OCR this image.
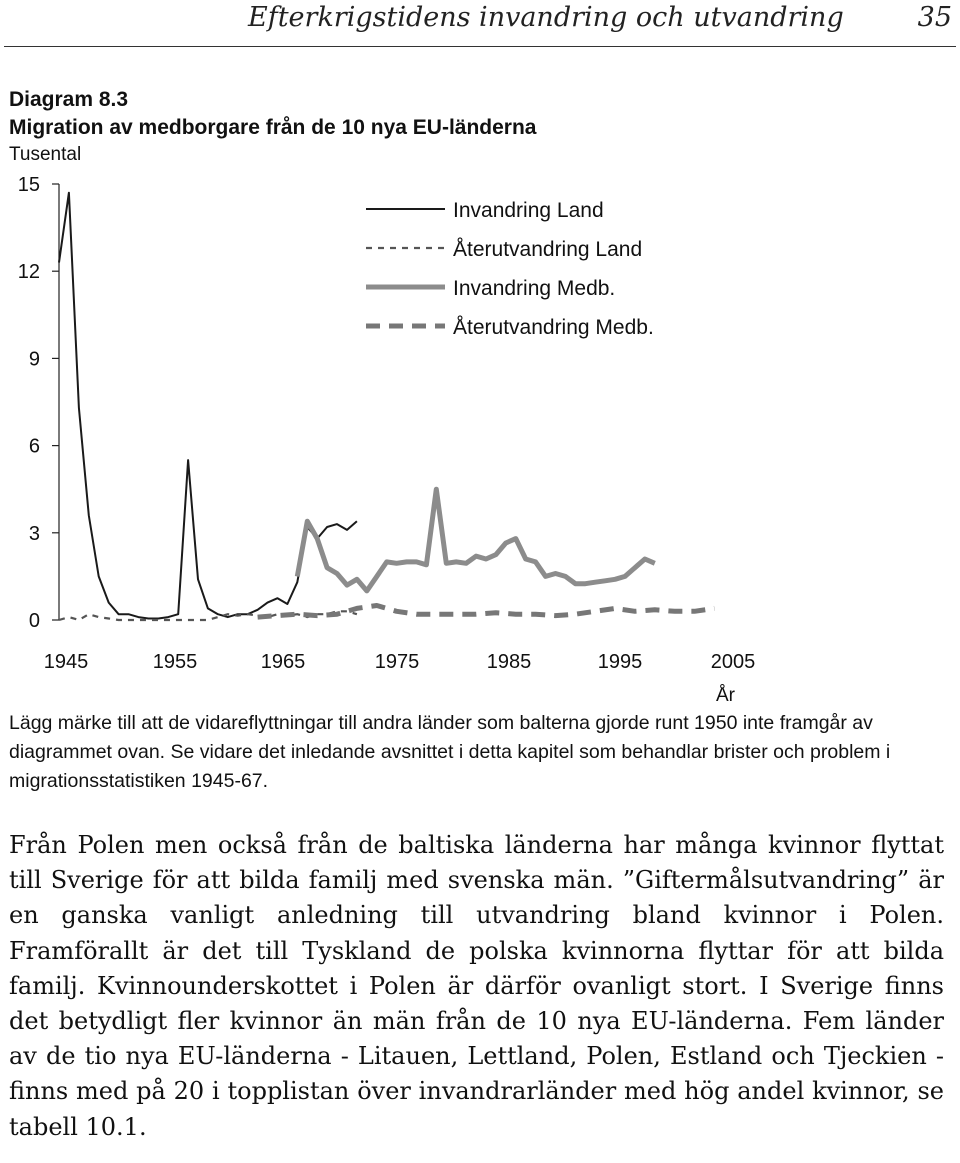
Efterkrigstidens invandring och utvandring	35
Diagram 8.3
Migration av medborgare från de 10 nya EU-länderna
Tusental
0
3
6
9
12
15
1945	1955	1965	1975	1985	1995	2005
År
Invandring Land
Återutvandring Land
Invandring Medb.
Återutvandring Medb.
Lägg märke till att de vidareflyttningar till andra länder som balterna gjorde runt 1950 inte framgår av diagrammet ovan. Se vidare det inledande avsnittet i detta kapitel som behandlar brister och problem i migrationsstatistiken 1945-67.
Från Polen men också från de baltiska länderna har många kvinnor flyttat till Sverige för att bilda familj med svenska män. ”Giftermålsutvandring” är en ganska vanligt anledning till utvandring bland kvinnor i Polen. Framförallt är det till Tyskland de polska kvinnorna flyttar för att bilda familj. Kvinnounderskottet i Polen är därför ovanligt stort. I Sverige finns det betydligt fler kvinnor än män från de 10 nya EU-länderna. Fem länder av de tio nya EU-länderna - Litauen, Lettland, Polen, Estland och Tjeckien - finns med på 20 i topplistan över invandrarländer med hög andel kvinnor, se tabell 10.1.
